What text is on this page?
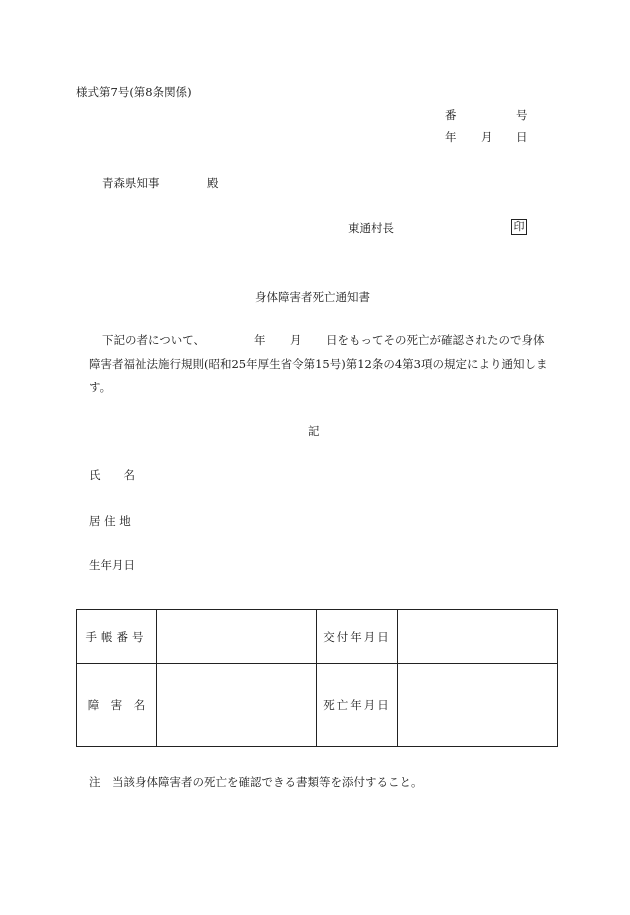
様式第7号(第8条関係)
番	号
年 月 日
青森県知事	殿
東通村長	印
身体障害者死亡通知書
下記の者について、	年 月 日をもってその死亡が確認されたので身体
障害者福祉法施行規則(昭和25年厚生省令第15号)第12条の4第3項の規定により通知しま
す。
記
氏　　名
居 住 地
生年月日
手帳番号		交付年月日	
障　害　名		死亡年月日	
注　当該身体障害者の死亡を確認できる書類等を添付すること。
